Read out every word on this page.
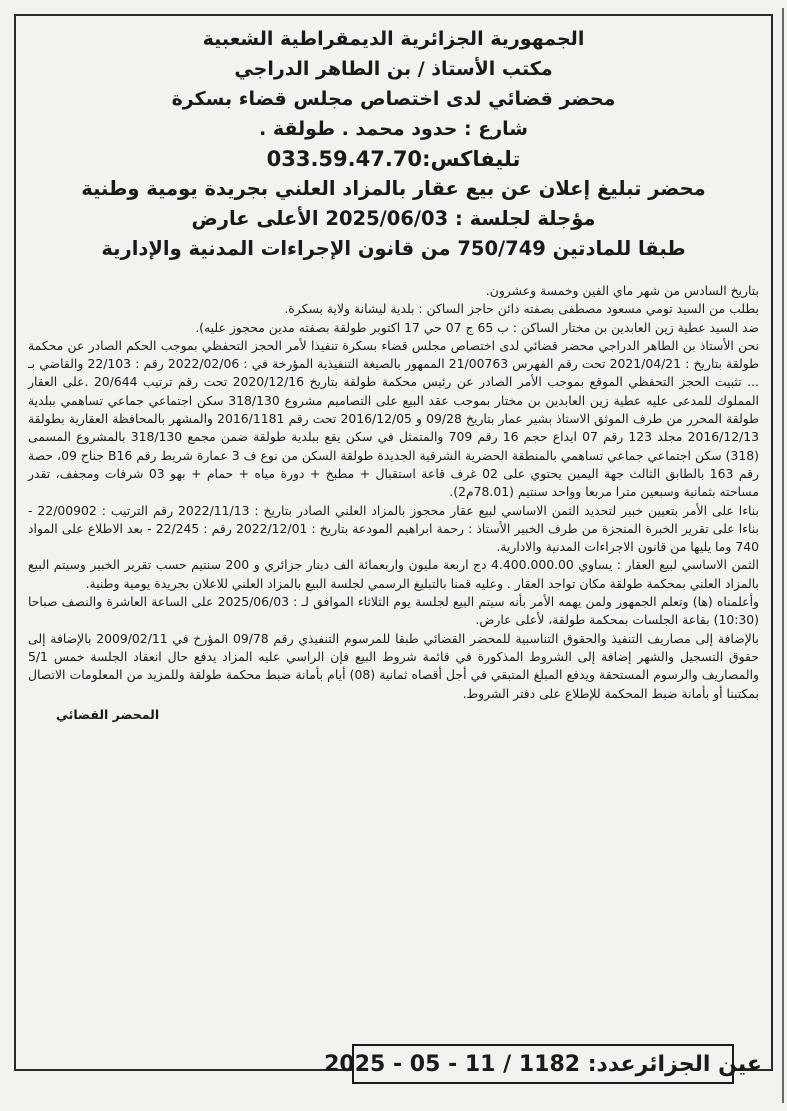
الجمهورية الجزائرية الديمقراطية الشعبية
مكتب الأستاذ / بن الطاهر الدراجي
محضر قضائي لدى اختصاص مجلس قضاء بسكرة
شارع : حدود محمد . طولقة .
تليفاكس:033.59.47.70
محضر تبليغ إعلان عن بيع عقار بالمزاد العلني بجريدة يومية وطنية
مؤجلة لجلسة : 2025/06/03 الأعلى عارض
طبقا للمادتين 750/749 من قانون الإجراءات المدنية والإدارية

بتاريخ السادس من شهر ماي الفين وخمسة وعشرون.

بطلب من السيد تومي مسعود مصطفى بصفته دائن حاجز الساكن : بلدية ليشانة ولاية بسكرة.

ضد السيد عطية زين العابدين بن مختار الساكن : ب 65 ج 07 حي 17 اكتوبر طولقة بصفته مدين محجوز عليه).

نحن الأستاذ بن الطاهر الدراجي محضر قضائي لدى اختصاص مجلس قضاء بسكرة تنفيذا لأمر الحجز التحفظي بموجب الحكم الصادر عن محكمة طولقة بتاريخ : 2021/04/21 تحت رقم الفهرس 21/00763 الممهور بالصيغة التنفيذية المؤرخة في : 2022/02/06 رقم : 22/103 والقاضي بـ ... تثبيت الحجز التحفظي الموقع بموجب الأمر الصادر عن رئيس محكمة طولقة بتاريخ 2020/12/16 تحت رقم ترتيب 20/644 .على العقار المملوك للمدعى عليه عطية زين العابدين بن مختار بموجب عقد البيع على التصاميم مشروع 318/130 سكن اجتماعي جماعي تساهمي ببلدية طولقة المحرر من طرف الموثق الاستاذ بشير عمار بتاريخ 09/28 و 2016/12/05 تحت رقم 2016/1181 والمشهر بالمحافظة العقارية بطولقة 2016/12/13 مجلد 123 رقم 07 ايداع حجم 16 رقم 709 والمتمثل في سكن يقع ببلدية طولقة ضمن مجمع 318/130 بالمشروع المسمى (318) سكن اجتماعي جماعي تساهمي بالمنطقة الحضرية الشرقية الجديدة طولقة السكن من نوع ف 3 عمارة شريط رقم B16 جناح 09، حصة رقم 163 بالطابق الثالث جهة اليمين يحتوي على 02 غرف قاعة استقبال + مطبخ + دورة مياه + حمام + بهو 03 شرفات ومجفف، تقدر مساحته بثمانية وسبعين مترا مربعا وواحد سنتيم (78.01م2).

بناءا على الأمر بتعيين خبير لتحديد الثمن الاساسي لبيع عقار محجوز بالمزاد العلني الصادر بتاريخ : 2022/11/13 رقم الترتيب : 22/00902 - بناءا على تقرير الخبرة المنجزة من طرف الخبير الأستاذ : رحمة ابراهيم المودعة بتاريخ : 2022/12/01 رقم : 22/245 - بعد الاطلاع على المواد 740 وما يليها من قانون الاجراءات المدنية والادارية.

الثمن الاساسي لبيع العقار : يساوي 4.400.000.00 دج اربعة مليون واربعمائة الف دينار جزائري و 200 سنتيم حسب تقرير الخبير وسيتم البيع بالمزاد العلني بمحكمة طولقة مكان تواجد العقار . وعليه قمنا بالتبليغ الرسمي لجلسة البيع بالمزاد العلني للاعلان بجريدة يومية وطنية.

وأعلمناه (ها) وتعلم الجمهور ولمن يهمه الأمر بأنه سيتم البيع لجلسة يوم الثلاثاء الموافق لـ : 2025/06/03 على الساعة العاشرة والنصف صباحا (10:30) بقاعة الجلسات بمحكمة طولقة، لأعلى عارض.

بالإضافة إلى مصاريف التنفيذ والحقوق التناسبية للمحضر القضائي طبقا للمرسوم التنفيذي رقم 09/78 المؤرخ في 2009/02/11 بالإضافة إلى حقوق التسجيل والشهر إضافة إلى الشروط المذكورة في قائمة شروط البيع فإن الراسي عليه المزاد يدفع حال انعقاد الجلسة خمس 5/1 والمصاريف والرسوم المستحقة ويدفع المبلغ المتبقي في أجل أقصاه ثمانية (08) أيام بأمانة ضبط محكمة طولقة وللمزيد من المعلومات الاتصال بمكتبنا أو بأمانة ضبط المحكمة للإطلاع على دفتر الشروط.

المحضر القضائي
عين الجزائرعدد: 1182 / 11 - 05 - 2025
